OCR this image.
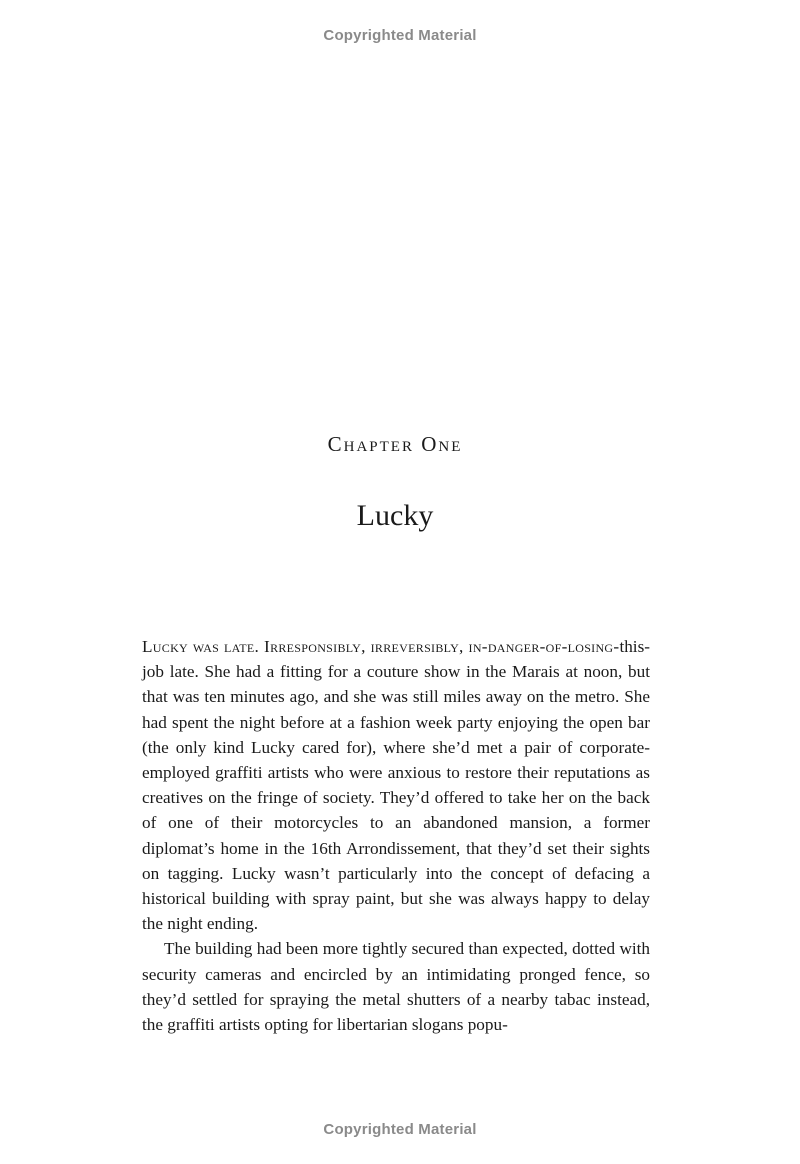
Copyrighted Material
Chapter One
Lucky

Lucky was late. Irresponsibly, irreversibly, in-danger-of-losing-this-job late. She had a fitting for a couture show in the Marais at noon, but that was ten minutes ago, and she was still miles away on the metro. She had spent the night before at a fashion week party enjoying the open bar (the only kind Lucky cared for), where she’d met a pair of corporate-employed graffiti artists who were anxious to restore their reputations as creatives on the fringe of society. They’d offered to take her on the back of one of their motorcycles to an abandoned mansion, a former diplomat’s home in the 16th Arrondissement, that they’d set their sights on tagging. Lucky wasn’t particularly into the concept of defacing a historical building with spray paint, but she was always happy to delay the night ending.

The building had been more tightly secured than expected, dotted with security cameras and encircled by an intimidating pronged fence, so they’d settled for spraying the metal shutters of a nearby tabac instead, the graffiti artists opting for libertarian slogans popu-

Copyrighted Material
